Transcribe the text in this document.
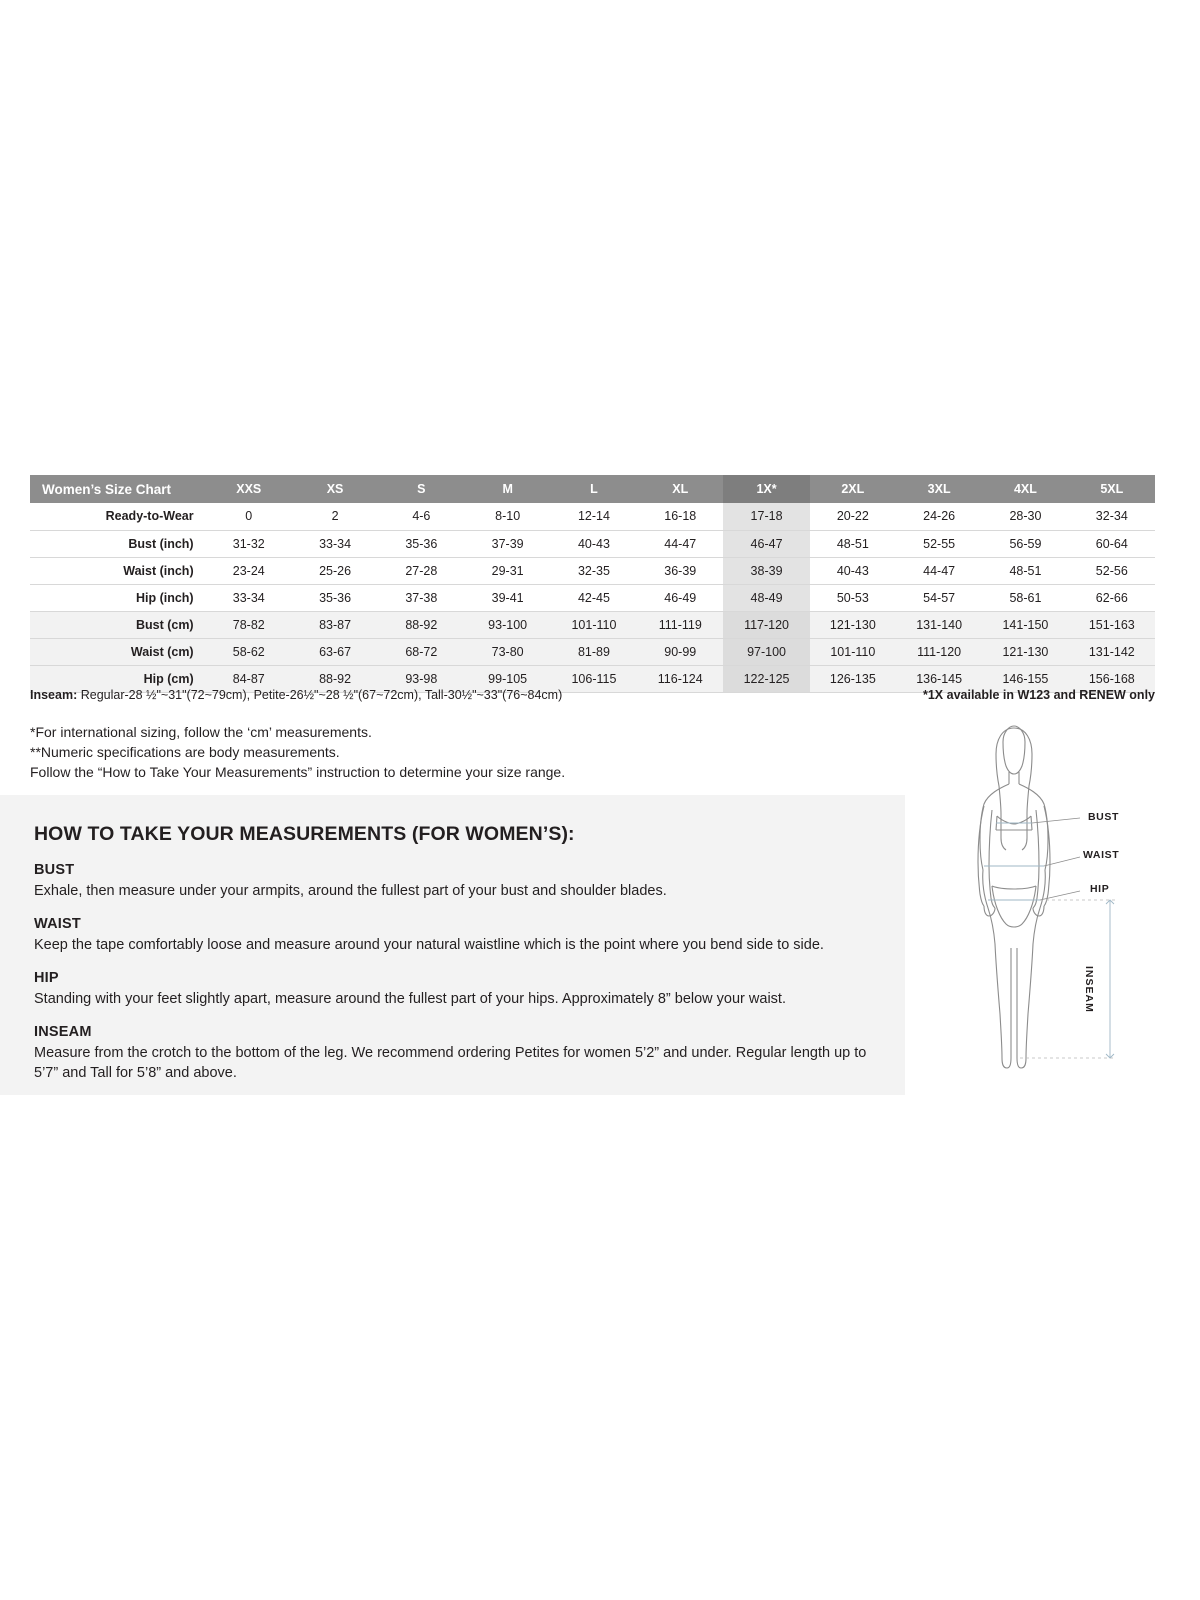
Women’s Size Chart	XXS	XS	S	M	L	XL	1X*	2XL	3XL	4XL	5XL
Ready-to-Wear	0	2	4-6	8-10	12-14	16-18	17-18	20-22	24-26	28-30	32-34
Bust (inch)	31-32	33-34	35-36	37-39	40-43	44-47	46-47	48-51	52-55	56-59	60-64
Waist (inch)	23-24	25-26	27-28	29-31	32-35	36-39	38-39	40-43	44-47	48-51	52-56
Hip (inch)	33-34	35-36	37-38	39-41	42-45	46-49	48-49	50-53	54-57	58-61	62-66
Bust (cm)	78-82	83-87	88-92	93-100	101-110	111-119	117-120	121-130	131-140	141-150	151-163
Waist (cm)	58-62	63-67	68-72	73-80	81-89	90-99	97-100	101-110	111-120	121-130	131-142
Hip (cm)	84-87	88-92	93-98	99-105	106-115	116-124	122-125	126-135	136-145	146-155	156-168
Inseam: Regular-28 ½"~31"(72~79cm), Petite-26½"~28 ½"(67~72cm), Tall-30½"~33"(76~84cm)	*1X available in W123 and RENEW only
*For international sizing, follow the ‘cm’ measurements.
**Numeric specifications are body measurements.
Follow the “How to Take Your Measurements” instruction to determine your size range.
HOW TO TAKE YOUR MEASUREMENTS (FOR WOMEN’S):
BUST

Exhale, then measure under your armpits, around the fullest part of your bust and shoulder blades.

WAIST

Keep the tape comfortably loose and measure around your natural waistline which is the point where you bend side to side.

HIP

Standing with your feet slightly apart, measure around the fullest part of your hips. Approximately 8” below your waist.

INSEAM

Measure from the crotch to the bottom of the leg. We recommend ordering Petites for women 5’2” and under. Regular length up to 5’7” and Tall for 5’8” and above.

BUST
WAIST
HIP
INSEAM
